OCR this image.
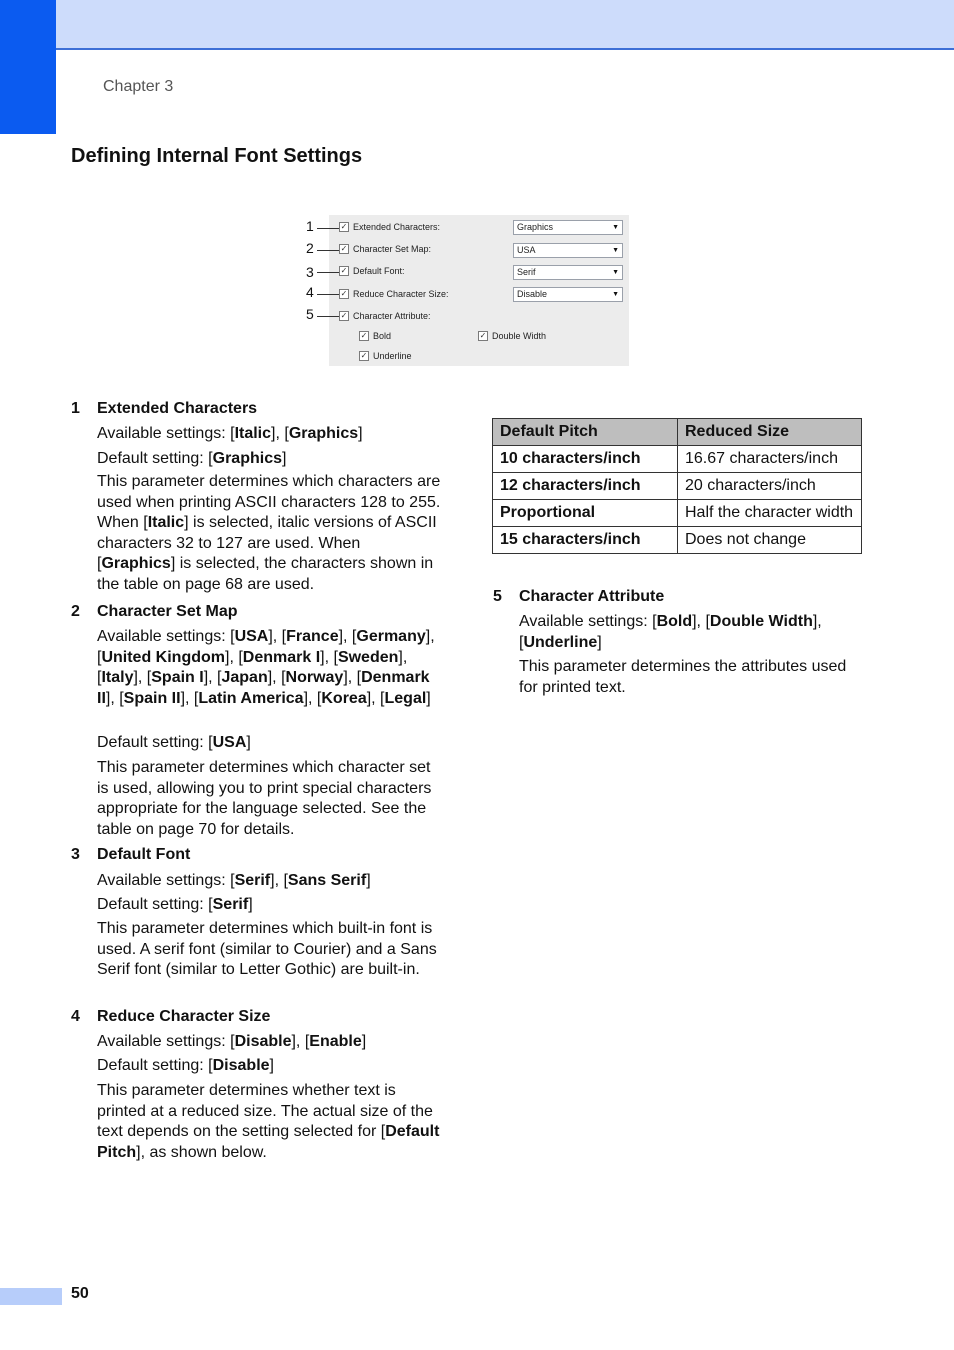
Chapter 3
Defining Internal Font Settings
✓ Extended Characters:	Graphics	▼
✓ Character Set Map:	USA	▼
✓ Default Font:	Serif	▼
✓ Reduce Character Size:	Disable	▼
✓ Character Attribute:
✓ Bold	✓ Double Width
✓ Underline
1
2
3
4
5
1 Extended Characters
Available settings: [Italic], [Graphics]
Default setting: [Graphics]
This parameter determines which characters are used when printing ASCII characters 128 to 255. When [Italic] is selected, italic versions of ASCII characters 32 to 127 are used. When [Graphics] is selected, the characters shown in the table on page 68 are used.
2 Character Set Map
Available settings: [USA], [France], [Germany], [United Kingdom], [Denmark I], [Sweden], [Italy], [Spain I], [Japan], [Norway], [Denmark II], [Spain II], [Latin America], [Korea], [Legal]
Default setting: [USA]
This parameter determines which character set is used, allowing you to print special characters appropriate for the language selected. See the table on page 70 for details.
3 Default Font
Available settings: [Serif], [Sans Serif]
Default setting: [Serif]
This parameter determines which built-in font is used. A serif font (similar to Courier) and a Sans Serif font (similar to Letter Gothic) are built-in.
4 Reduce Character Size
Available settings: [Disable], [Enable]
Default setting: [Disable]
This parameter determines whether text is printed at a reduced size. The actual size of the text depends on the setting selected for [Default Pitch], as shown below.
Default Pitch	Reduced Size
10 characters/inch	16.67 characters/inch
12 characters/inch	20 characters/inch
Proportional	Half the character width
15 characters/inch	Does not change
5 Character Attribute
Available settings: [Bold], [Double Width], [Underline]
This parameter determines the attributes used for printed text.
50
